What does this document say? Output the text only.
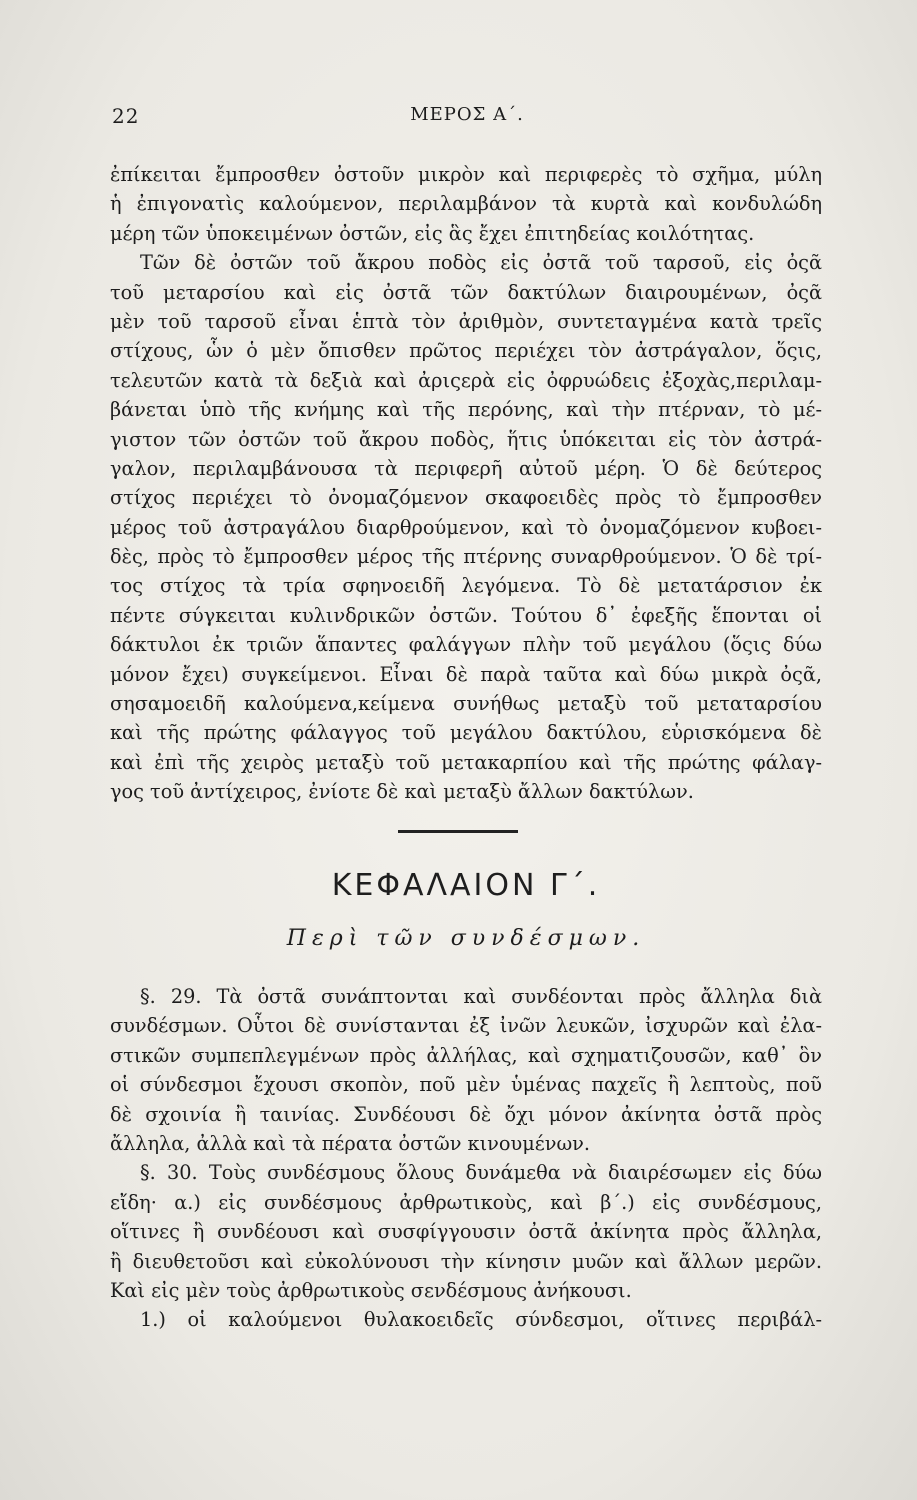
22	ΜΕΡΟΣ Α΄.
ἐπίκειται ἔμπροσθεν ὀστοῦν μικρὸν καὶ περιφερὲς τὸ σχῆμα, μύλη
ἡ ἐπιγονατὶς καλούμενον, περιλαμβάνον τὰ κυρτὰ καὶ κονδυλώδη
μέρη τῶν ὑποκειμένων ὀστῶν, εἰς ἃς ἔχει ἐπιτηδείας κοιλότητας.
Τῶν δὲ ὀστῶν τοῦ ἄκρου ποδὸς εἰς ὀστᾶ τοῦ ταρσοῦ, εἰς ὀςᾶ
τοῦ μεταρσίου καὶ εἰς ὀστᾶ τῶν δακτύλων διαιρουμένων, ὀςᾶ
μὲν τοῦ ταρσοῦ εἶναι ἑπτὰ τὸν ἀριθμὸν, συντεταγμένα κατὰ τρεῖς
στίχους, ὧν ὁ μὲν ὄπισθεν πρῶτος περιέχει τὸν ἀστράγαλον, ὅςις,
τελευτῶν κατὰ τὰ δεξιὰ καὶ ἀριςερὰ εἰς ὀφρυώδεις ἐξοχὰς,περιλαμ-
βάνεται ὑπὸ τῆς κνήμης καὶ τῆς περόνης, καὶ τὴν πτέρναν, τὸ μέ-
γιστον τῶν ὀστῶν τοῦ ἄκρου ποδὸς, ἥτις ὑπόκειται εἰς τὸν ἀστρά-
γαλον, περιλαμβάνουσα τὰ περιφερῆ αὐτοῦ μέρη. Ὁ δὲ δεύτερος
στίχος περιέχει τὸ ὀνομαζόμενον σκαφοειδὲς πρὸς τὸ ἔμπροσθεν
μέρος τοῦ ἀστραγάλου διαρθρούμενον, καὶ τὸ ὀνομαζόμενον κυβοει-
δὲς, πρὸς τὸ ἔμπροσθεν μέρος τῆς πτέρνης συναρθρούμενον. Ὁ δὲ τρί-
τος στίχος τὰ τρία σφηνοειδῆ λεγόμενα. Τὸ δὲ μετατάρσιον ἐκ
πέντε σύγκειται κυλινδρικῶν ὀστῶν. Τούτου δ᾽ ἐφεξῆς ἕπονται οἱ
δάκτυλοι ἐκ τριῶν ἅπαντες φαλάγγων πλὴν τοῦ μεγάλου (ὅςις δύω
μόνον ἔχει) συγκείμενοι. Εἶναι δὲ παρὰ ταῦτα καὶ δύω μικρὰ ὀςᾶ,
σησαμοειδῆ καλούμενα,κείμενα συνήθως μεταξὺ τοῦ μεταταρσίου
καὶ τῆς πρώτης φάλαγγος τοῦ μεγάλου δακτύλου, εὑρισκόμενα δὲ
καὶ ἐπὶ τῆς χειρὸς μεταξὺ τοῦ μετακαρπίου καὶ τῆς πρώτης φάλαγ-
γος τοῦ ἀντίχειρος, ἐνίοτε δὲ καὶ μεταξὺ ἄλλων δακτύλων.
ΚΕΦΑΛΑΙΟΝ Γ΄.
Περὶ τῶν συνδέσμων.
§. 29. Τὰ ὀστᾶ συνάπτονται καὶ συνδέονται πρὸς ἄλληλα διὰ
συνδέσμων. Οὗτοι δὲ συνίστανται ἐξ ἰνῶν λευκῶν, ἰσχυρῶν καὶ ἐλα-
στικῶν συμπεπλεγμένων πρὸς ἀλλήλας, καὶ σχηματιζουσῶν, καθ᾽ ὃν
οἱ σύνδεσμοι ἔχουσι σκοπὸν, ποῦ μὲν ὑμένας παχεῖς ἢ λεπτοὺς, ποῦ
δὲ σχοινία ἢ ταινίας. Συνδέουσι δὲ ὄχι μόνον ἀκίνητα ὀστᾶ πρὸς
ἄλληλα, ἀλλὰ καὶ τὰ πέρατα ὀστῶν κινουμένων.
§. 30. Τοὺς συνδέσμους ὅλους δυνάμεθα νὰ διαιρέσωμεν εἰς δύω
εἴδη· α.) εἰς συνδέσμους ἀρθρωτικοὺς, καὶ β΄.) εἰς συνδέσμους,
οἵτινες ἢ συνδέουσι καὶ συσφίγγουσιν ὀστᾶ ἀκίνητα πρὸς ἄλληλα,
ἢ διευθετοῦσι καὶ εὐκολύνουσι τὴν κίνησιν μυῶν καὶ ἄλλων μερῶν.
Καὶ εἰς μὲν τοὺς ἀρθρωτικοὺς σενδέσμους ἀνήκουσι.
1.) οἱ καλούμενοι θυλακοειδεῖς σύνδεσμοι, οἵτινες περιβάλ-
